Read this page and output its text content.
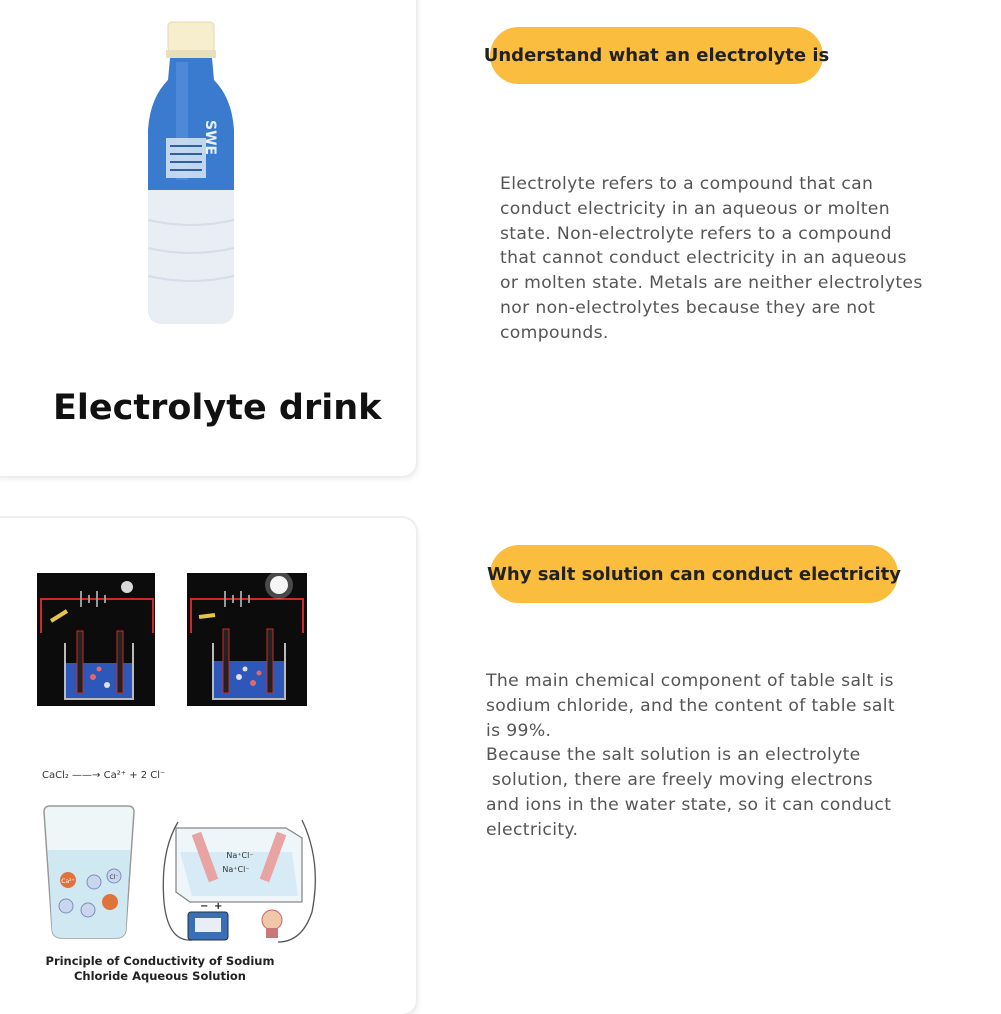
SWE
Electrolyte drink
Understand what an electrolyte is
Electrolyte refers to a compound that can
conduct electricity in an aqueous or molten
state. Non-electrolyte refers to a compound
that cannot conduct electricity in an aqueous
or molten state. Metals are neither electrolytes
nor non-electrolytes because they are not
compounds.
CaCl₂ ——→ Ca²⁺ + 2 Cl⁻
Ca²⁺
Cl⁻
Na⁺Cl⁻
Na⁺Cl⁻
− +
Principle of Conductivity of Sodium
Chloride Aqueous Solution
Why salt solution can conduct electricity
The main chemical component of table salt is
sodium chloride, and the content of table salt
is 99%.
Because the salt solution is an electrolyte
solution, there are freely moving electrons
and ions in the water state, so it can conduct
electricity.
